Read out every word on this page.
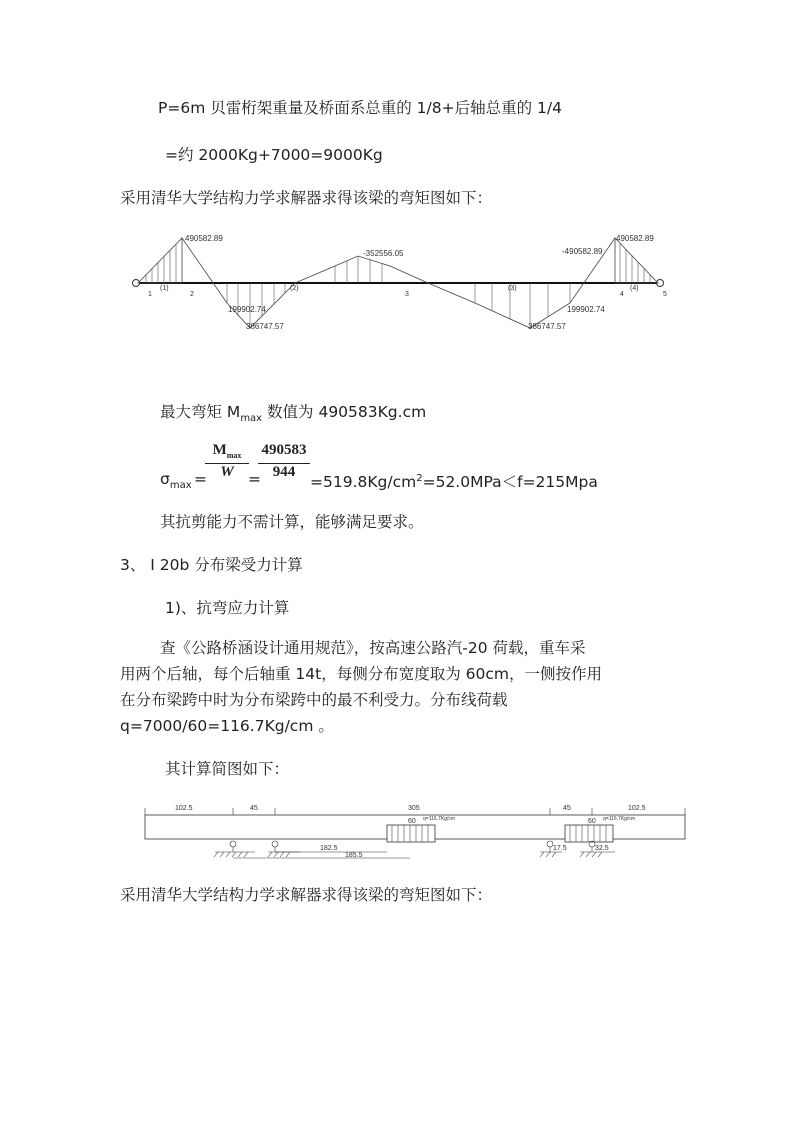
P=6m 贝雷桁架重量及桥面系总重的 1/8+后轴总重的 1/4
=约 2000Kg+7000=9000Kg
采用清华大学结构力学求解器求得该梁的弯矩图如下：
490582.89
199902.74
386747.57
-352556.05
386747.57
199902.74
-490582.89
490582.89
1	2	3	4	5
(1)	(2)	(3)	(4)
最大弯矩 $M_{max}$ 数值为 490583Kg.cm
$\sigma_{max}$ =
$M_{max}$
W =
490583
944
$=519.8Kg/cm^2=52.0MPa<f=215Mpa$
其抗剪能力不需计算，能够满足要求。
3、 I 20b 分布梁受力计算
1)、抗弯应力计算
查《公路桥涵设计通用规范》，按高速公路汽-20 荷载，重车采
用两个后轴，每个后轴重 14t，每侧分布宽度取为 60cm，一侧按作用
在分布梁跨中时为分布梁跨中的最不利受力。分布线荷载
q=7000/60=116.7Kg/cm 。
其计算简图如下：
102.5	45	305	45	102.5
60 q=116.7Kg/cm	60 q=116.7Kg/cm
182.5
185.5
17.5	32.5
采用清华大学结构力学求解器求得该梁的弯矩图如下：
